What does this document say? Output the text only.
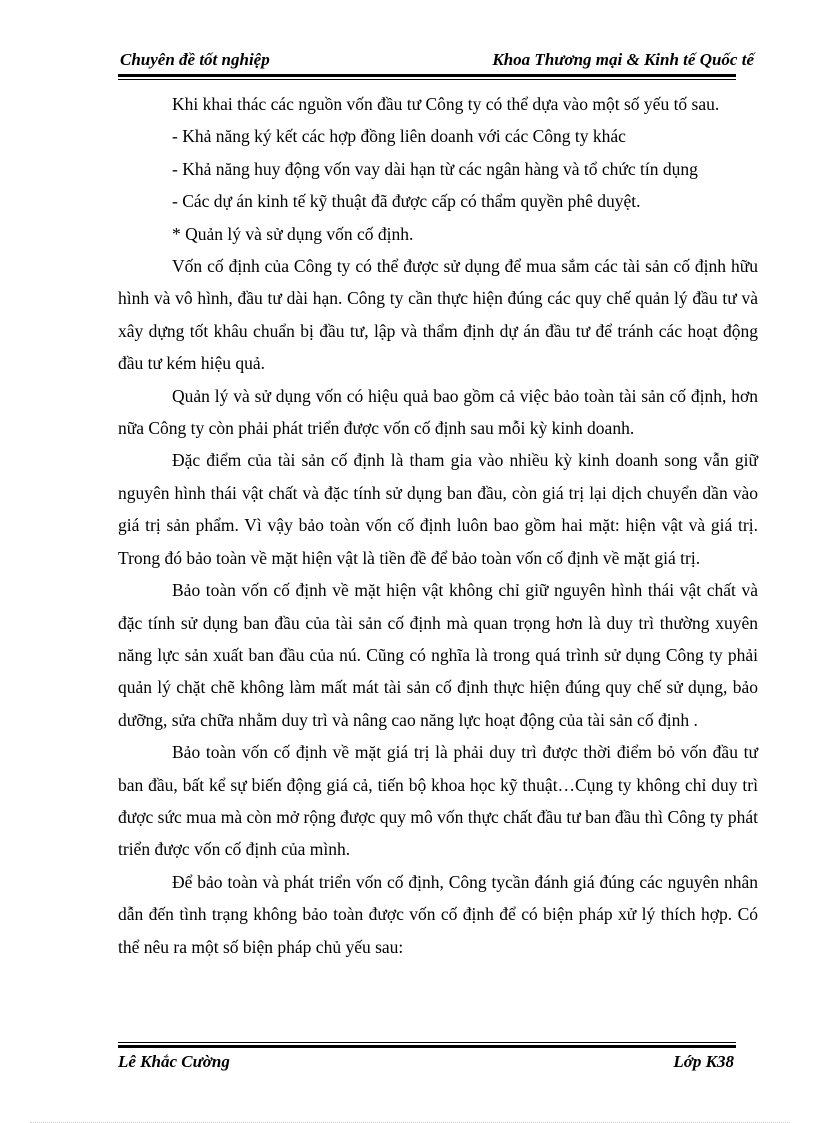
Chuyên đề tốt nghiệp	Khoa Thương mại & Kinh tế Quốc tế

Khi khai thác các nguồn vốn đầu tư Công ty có thể dựa vào một số yếu tố sau.

- Khả năng ký kết các hợp đồng liên doanh với các Công ty khác

- Khả năng huy động vốn vay dài hạn từ các ngân hàng và tổ chức tín dụng

- Các dự án kinh tế kỹ thuật đã được cấp có thẩm quyền phê duyệt.

* Quản lý và sử dụng vốn cố định.

Vốn cố định của Công ty có thể được sử dụng để mua sắm các tài sản cố định hữu hình và vô hình, đầu tư dài hạn. Công ty cần thực hiện đúng các quy chế quản lý đầu tư và xây dựng tốt khâu chuẩn bị đầu tư, lập và thẩm định dự án đầu tư để tránh các hoạt động đầu tư kém hiệu quả.

Quản lý và sử dụng vốn có hiệu quả bao gồm cả việc bảo toàn tài sản cố định, hơn nữa Công ty còn phải phát triển được vốn cố định sau mỗi kỳ kinh doanh.

Đặc điểm của tài sản cố định là tham gia vào nhiều kỳ kinh doanh song vẫn giữ nguyên hình thái vật chất và đặc tính sử dụng ban đầu, còn giá trị lại dịch chuyển dần vào giá trị sản phẩm. Vì vậy bảo toàn vốn cố định luôn bao gồm hai mặt: hiện vật và giá trị. Trong đó bảo toàn về mặt hiện vật là tiền đề để bảo toàn vốn cố định về mặt giá trị.

Bảo toàn vốn cố định về mặt hiện vật không chỉ giữ nguyên hình thái vật chất và đặc tính sử dụng ban đầu của tài sản cố định mà quan trọng hơn là duy trì thường xuyên năng lực sản xuất ban đầu của nú. Cũng có nghĩa là trong quá trình sử dụng Công ty phải quản lý chặt chẽ không làm mất mát tài sản cố định thực hiện đúng quy chế sử dụng, bảo dưỡng, sửa chữa nhằm duy trì và nâng cao năng lực hoạt động của tài sản cố định .

Bảo toàn vốn cố định về mặt giá trị là phải duy trì được thời điểm bỏ vốn đầu tư ban đầu, bất kể sự biến động giá cả, tiến bộ khoa học kỹ thuật…Cụng ty không chỉ duy trì được sức mua mà còn mở rộng được quy mô vốn thực chất đầu tư ban đầu thì Công ty phát triển được vốn cố định của mình.

Để bảo toàn và phát triển vốn cố định, Công tycần đánh giá đúng các nguyên nhân dẫn đến tình trạng không bảo toàn được vốn cố định để có biện pháp xử lý thích hợp. Có thể nêu ra một số biện pháp chủ yếu sau:

Lê Khắc Cường	Lớp K38
